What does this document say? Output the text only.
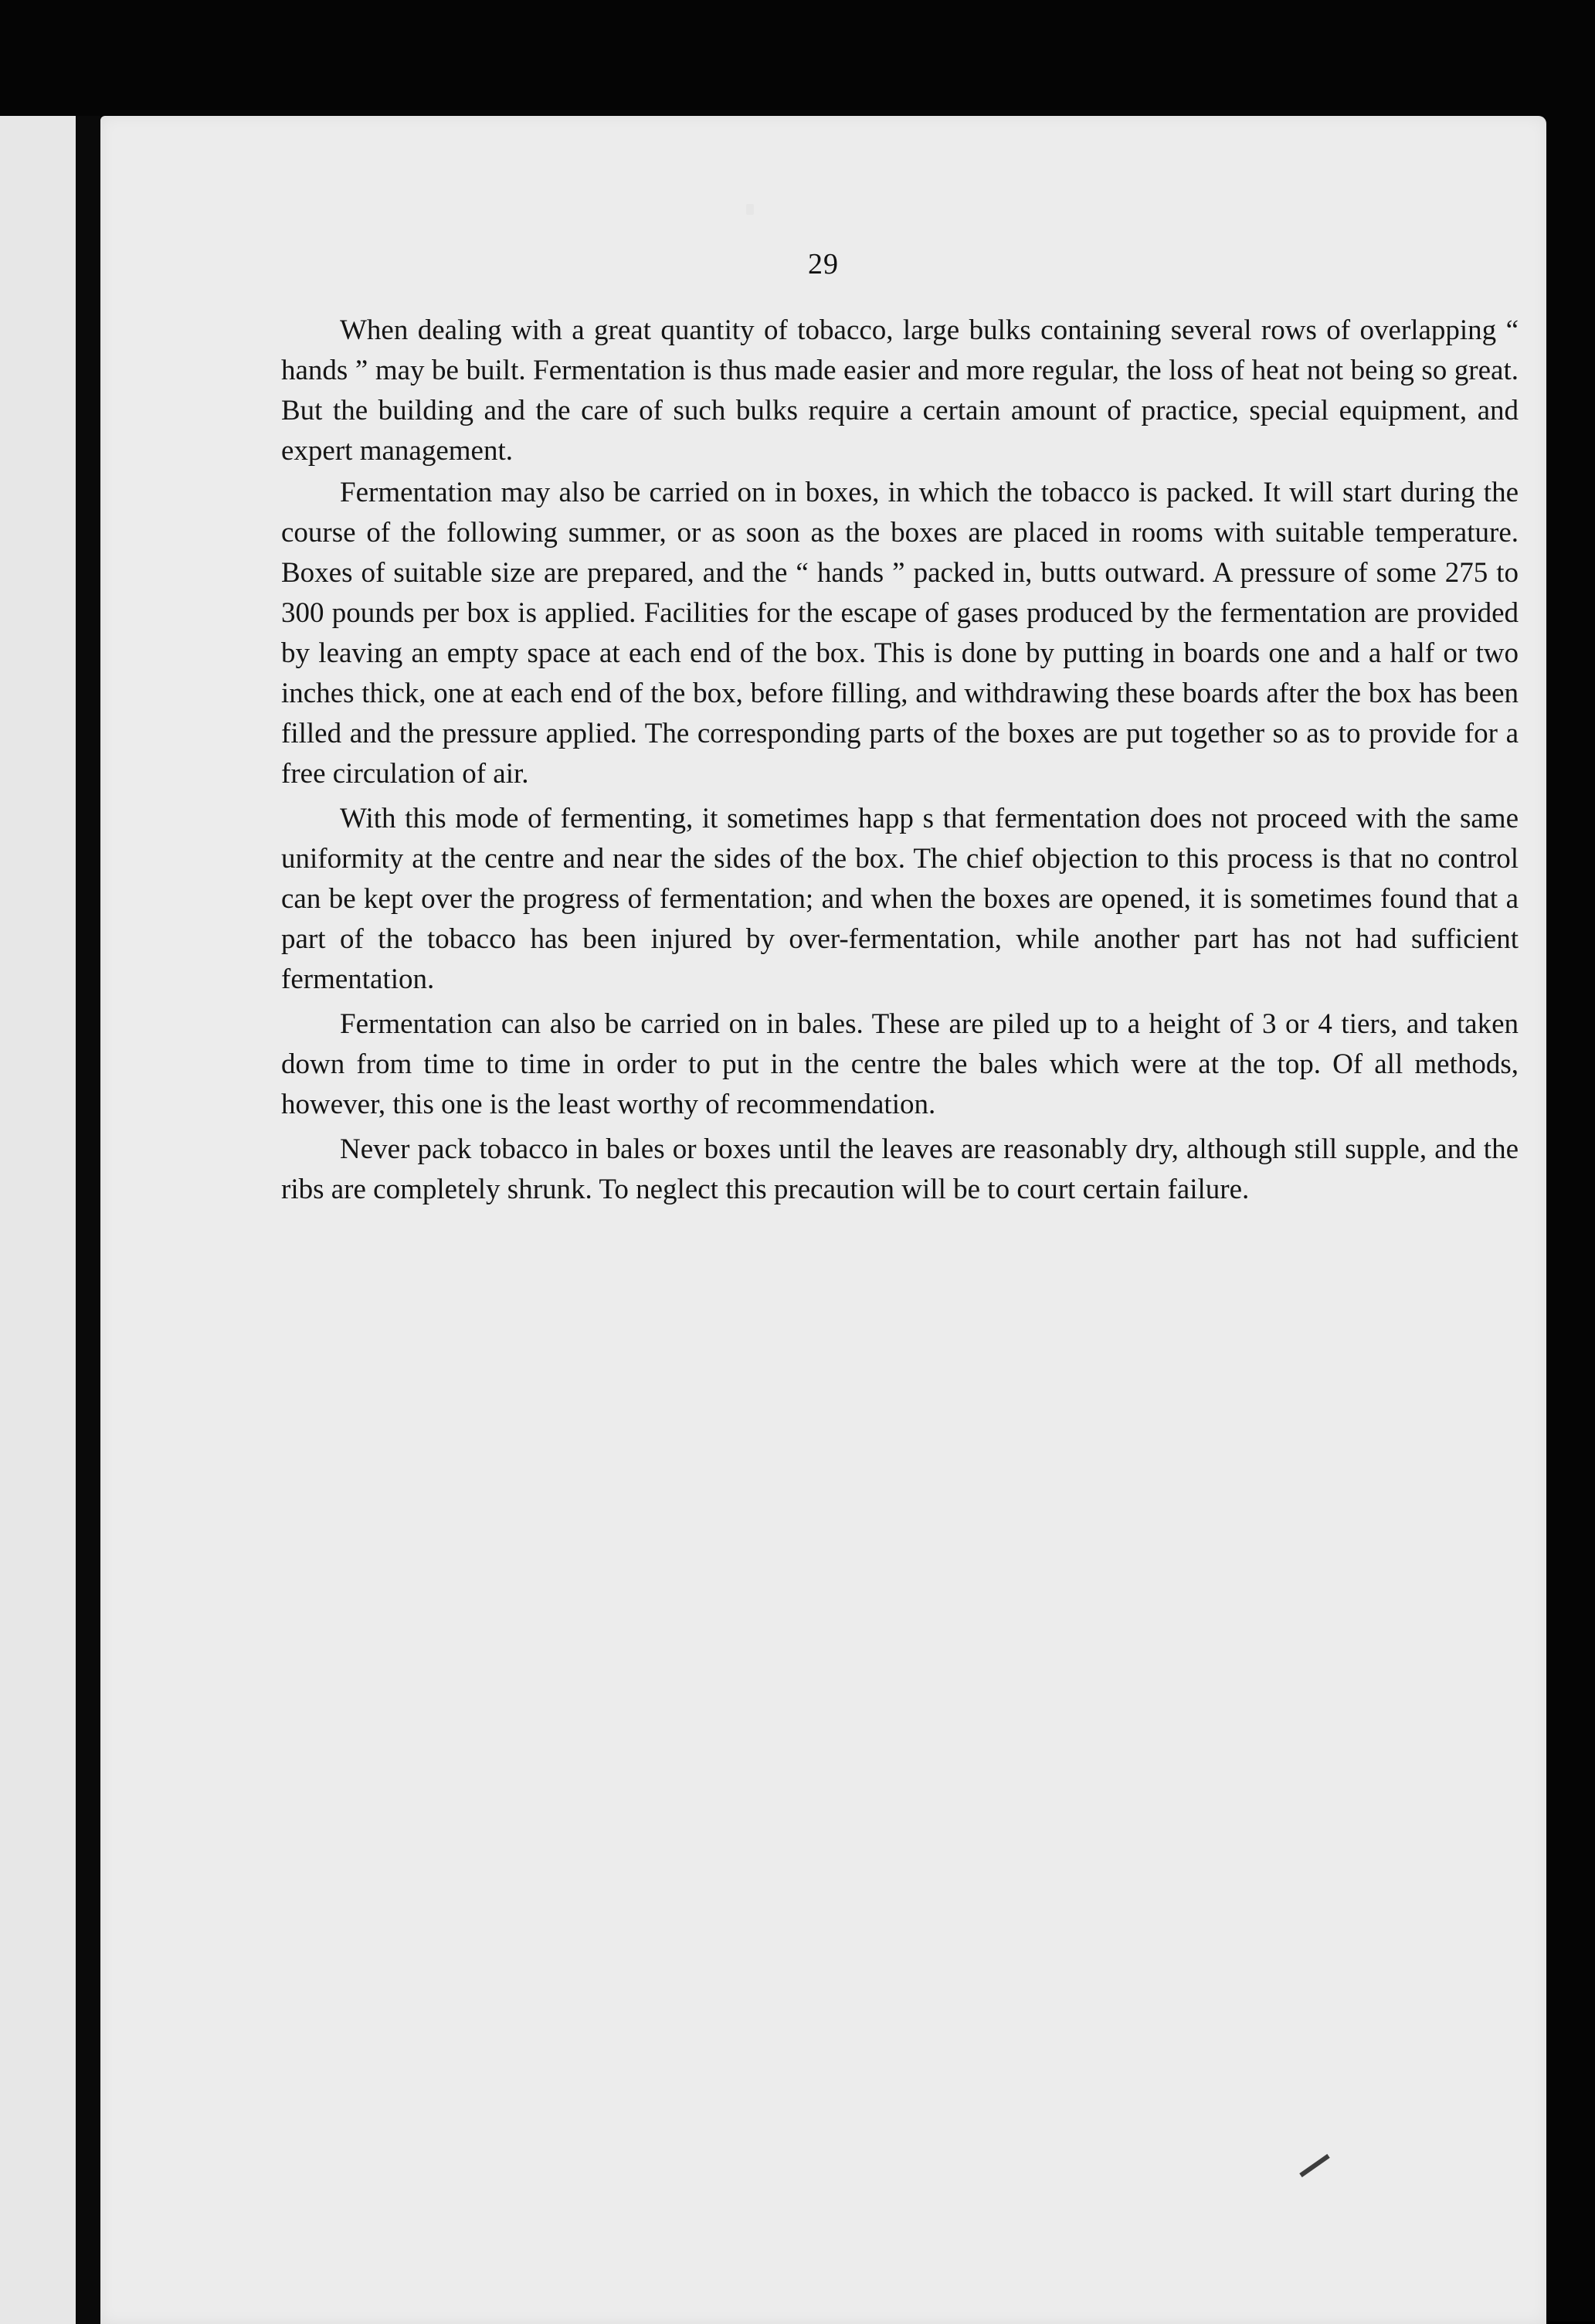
29

When dealing with a great quantity of tobacco, large bulks containing several rows of overlapping “ hands ” may be built. Fermentation is thus made easier and more regular, the loss of heat not being so great. But the building and the care of such bulks require a certain amount of practice, special equipment, and expert management.

Fermentation may also be carried on in boxes, in which the tobacco is packed. It will start during the course of the following summer, or as soon as the boxes are placed in rooms with suitable temperature. Boxes of suitable size are prepared, and the “ hands ” packed in, butts outward. A pressure of some 275 to 300 pounds per box is applied. Facilities for the escape of gases produced by the fermentation are provided by leaving an empty space at each end of the box. This is done by putting in boards one and a half or two inches thick, one at each end of the box, before filling, and withdrawing these boards after the box has been filled and the pressure applied. The corresponding parts of the boxes are put together so as to provide for a free circulation of air.

With this mode of fermenting, it sometimes happ s that fermentation does not proceed with the same uniformity at the centre and near the sides of the box. The chief objection to this process is that no control can be kept over the progress of fermentation; and when the boxes are opened, it is sometimes found that a part of the tobacco has been injured by over-fermentation, while another part has not had sufficient fermentation.

Fermentation can also be carried on in bales. These are piled up to a height of 3 or 4 tiers, and taken down from time to time in order to put in the centre the bales which were at the top. Of all methods, however, this one is the least worthy of recommendation.

Never pack tobacco in bales or boxes until the leaves are reasonably dry, although still supple, and the ribs are completely shrunk. To neglect this precaution will be to court certain failure.
